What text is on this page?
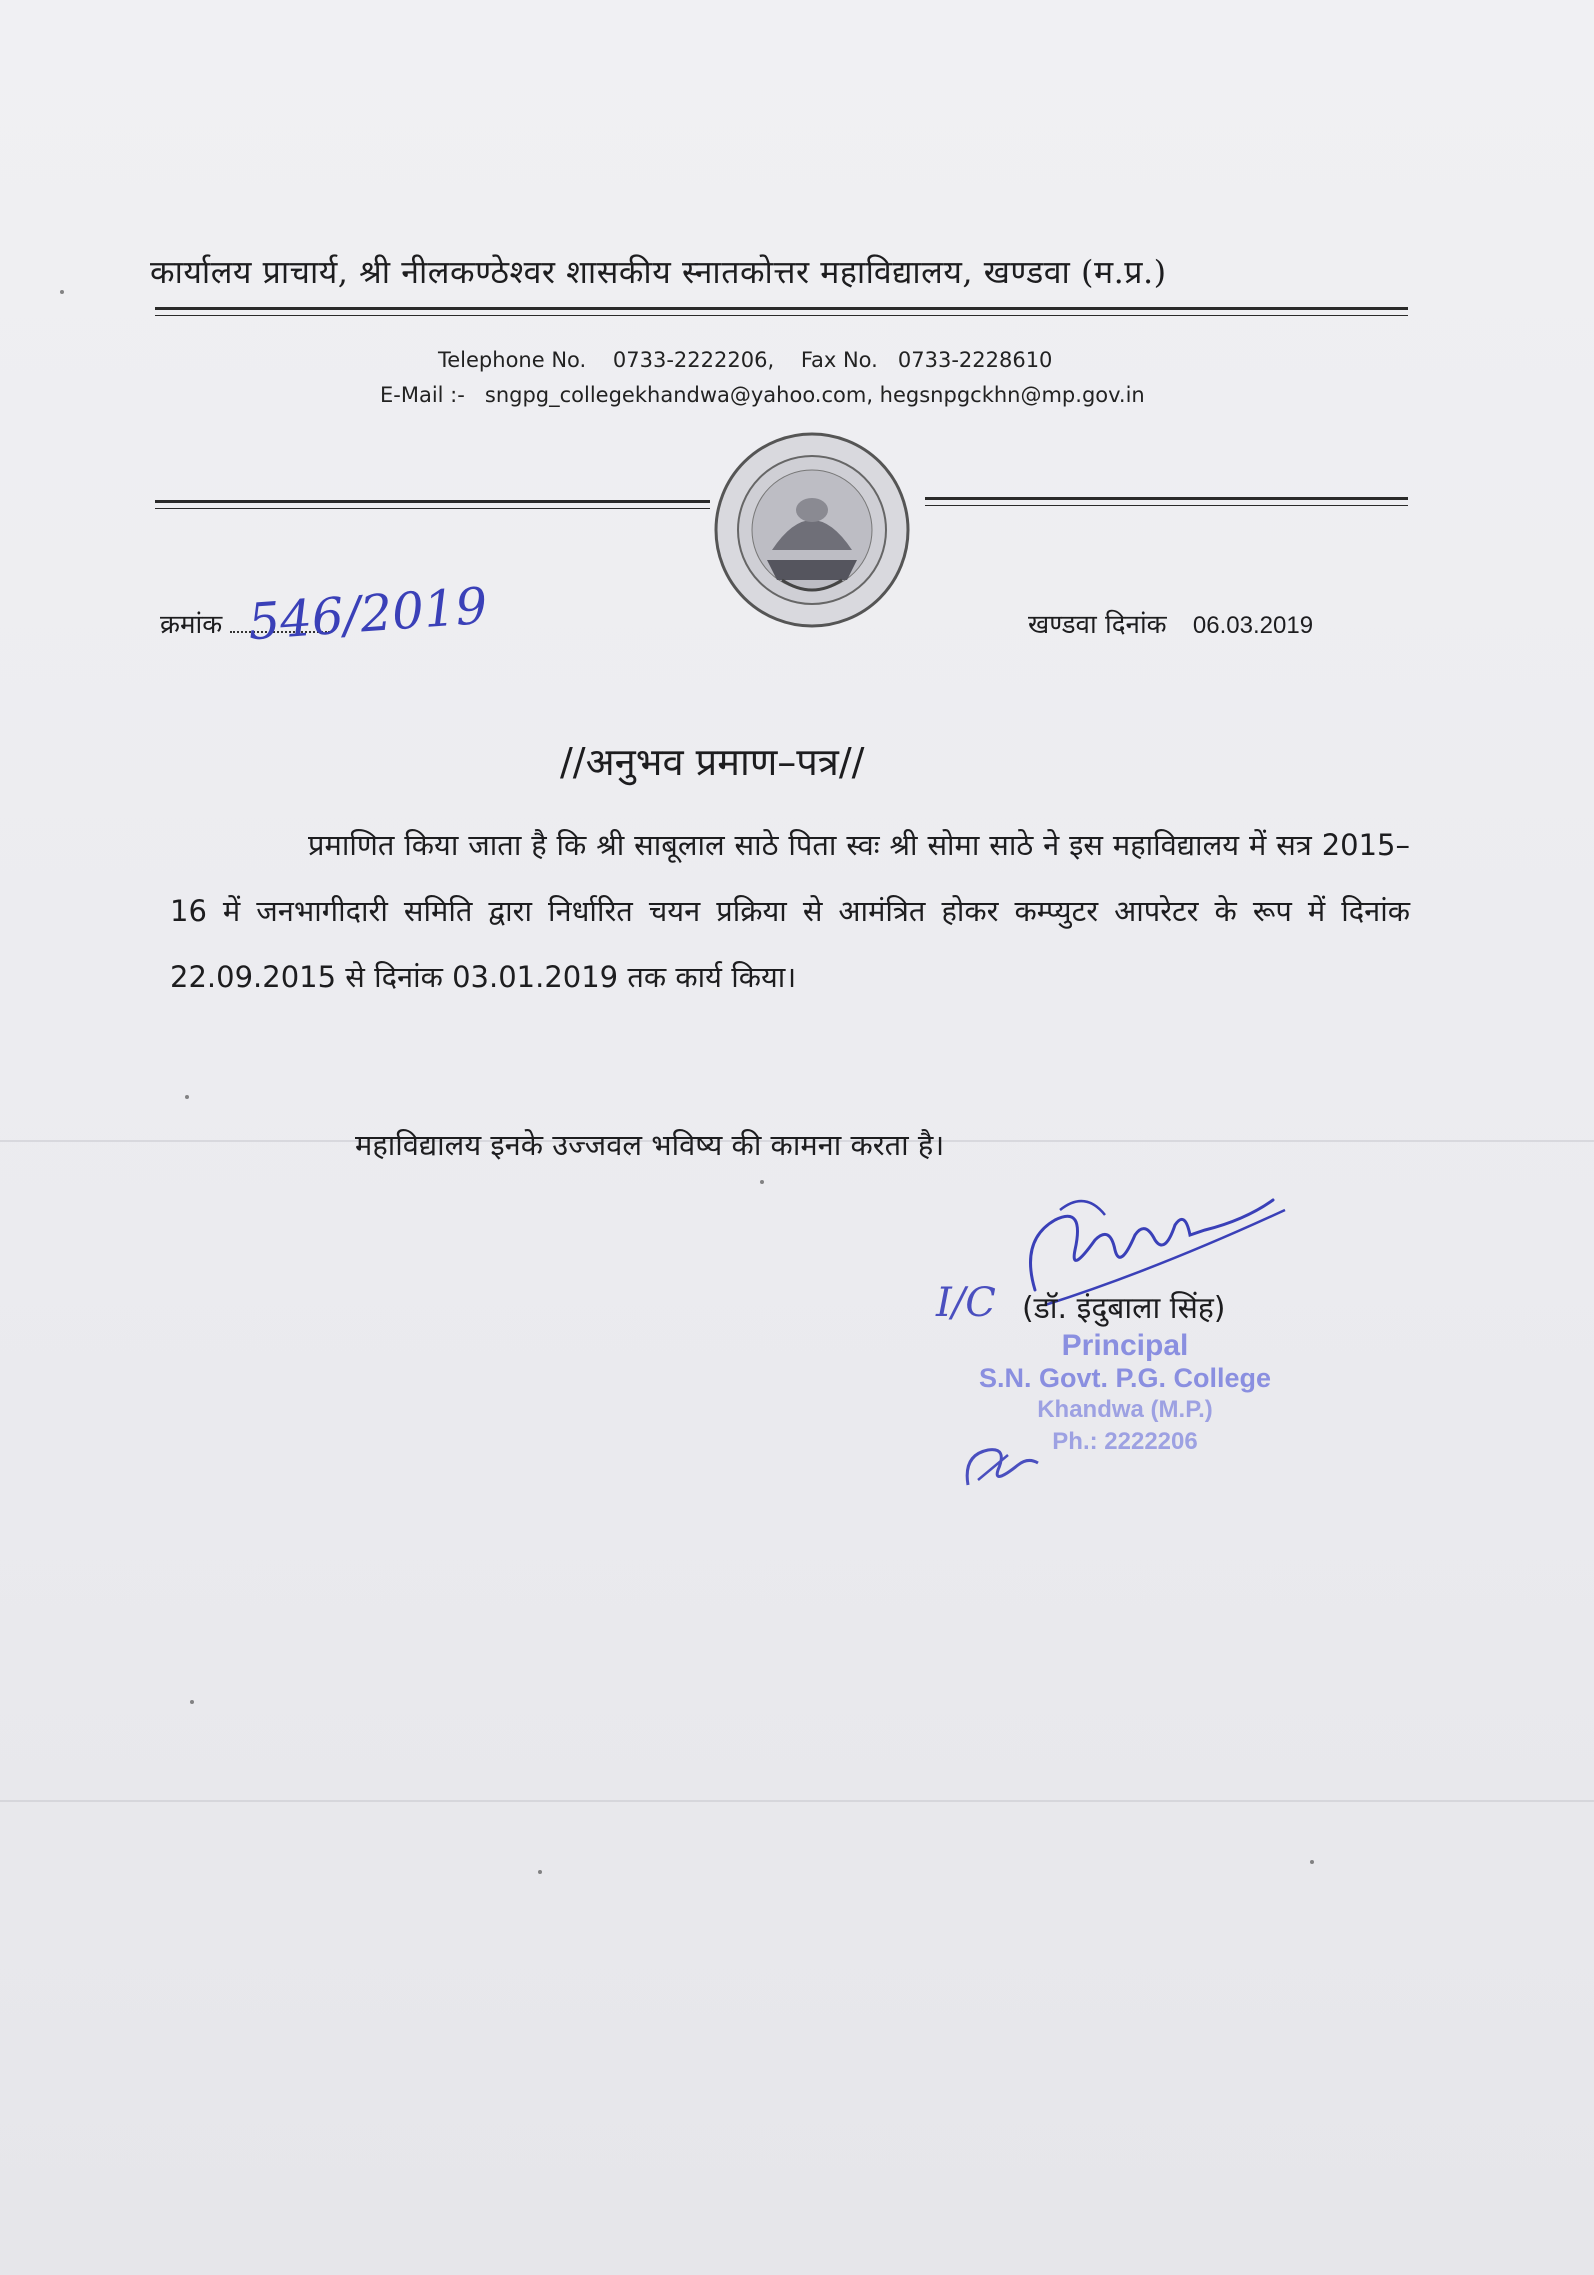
कार्यालय प्राचार्य, श्री नीलकण्ठेश्वर शासकीय स्नातकोत्तर महाविद्यालय, खण्डवा (म.प्र.)
Telephone No. 0733-2222206, Fax No. 0733-2228610
E-Mail :- sngpg_collegekhandwa@yahoo.com, hegsnpgckhn@mp.gov.in
क्रमांक 546/2019	खण्डवा दिनांक 06.03.2019
//अनुभव प्रमाण–पत्र//
प्रमाणित किया जाता है कि श्री साबूलाल साठे पिता स्वः श्री सोमा साठे ने इस महाविद्यालय में सत्र 2015–16 में जनभागीदारी समिति द्वारा निर्धारित चयन प्रक्रिया से आमंत्रित होकर कम्प्युटर आपरेटर के रूप में दिनांक 22.09.2015 से दिनांक 03.01.2019 तक कार्य किया।
महाविद्यालय इनके उज्जवल भविष्य की कामना करता है।
I/C (डॉ. इंदुबाला सिंह)
Principal
S.N. Govt. P.G. College
Khandwa (M.P.)
Ph.: 2222206
